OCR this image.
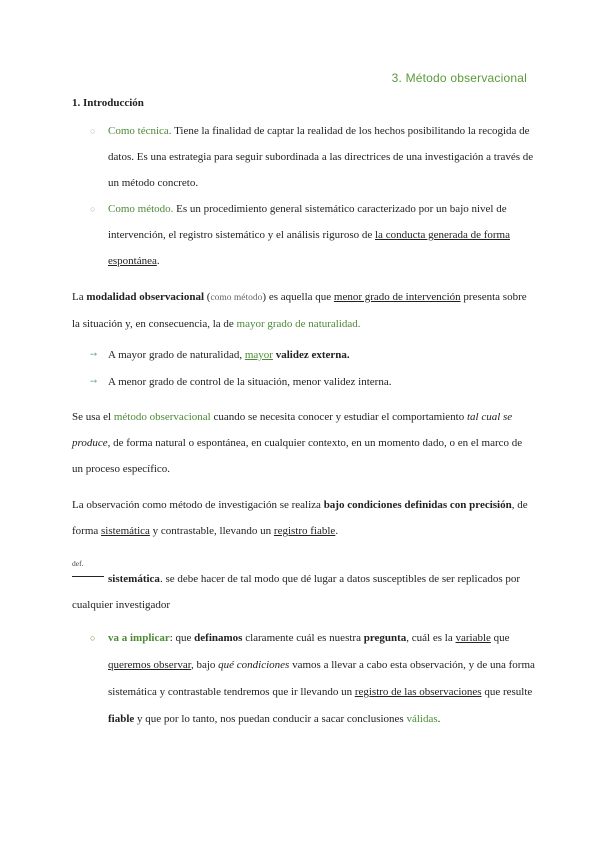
3. Método observacional
1. Introducción
○ Como técnica. Tiene la finalidad de captar la realidad de los hechos posibilitando la recogida de datos. Es una estrategia para seguir subordinada a las directrices de una investigación a través de un método concreto.
○ Como método. Es un procedimiento general sistemático caracterizado por un bajo nivel de intervención, el registro sistemático y el análisis riguroso de la conducta generada de forma espontánea.
La modalidad observacional (como método) es aquella que menor grado de intervención presenta sobre la situación y, en consecuencia, la de mayor grado de naturalidad.
➙ A mayor grado de naturalidad, mayor validez externa.
➙ A menor grado de control de la situación, menor validez interna.
Se usa el método observacional cuando se necesita conocer y estudiar el comportamiento tal cual se produce, de forma natural o espontánea, en cualquier contexto, en un momento dado, o en el marco de un proceso específico.
La observación como método de investigación se realiza bajo condiciones definidas con precisión, de forma sistemática y contrastable, llevando un registro fiable.
def.
sistemática. se debe hacer de tal modo que dé lugar a datos susceptibles de ser replicados por cualquier investigador
○ va a implicar: que definamos claramente cuál es nuestra pregunta, cuál es la variable que queremos observar, bajo qué condiciones vamos a llevar a cabo esta observación, y de una forma sistemática y contrastable tendremos que ir llevando un registro de las observaciones que resulte fiable y que por lo tanto, nos puedan conducir a sacar conclusiones válidas.
